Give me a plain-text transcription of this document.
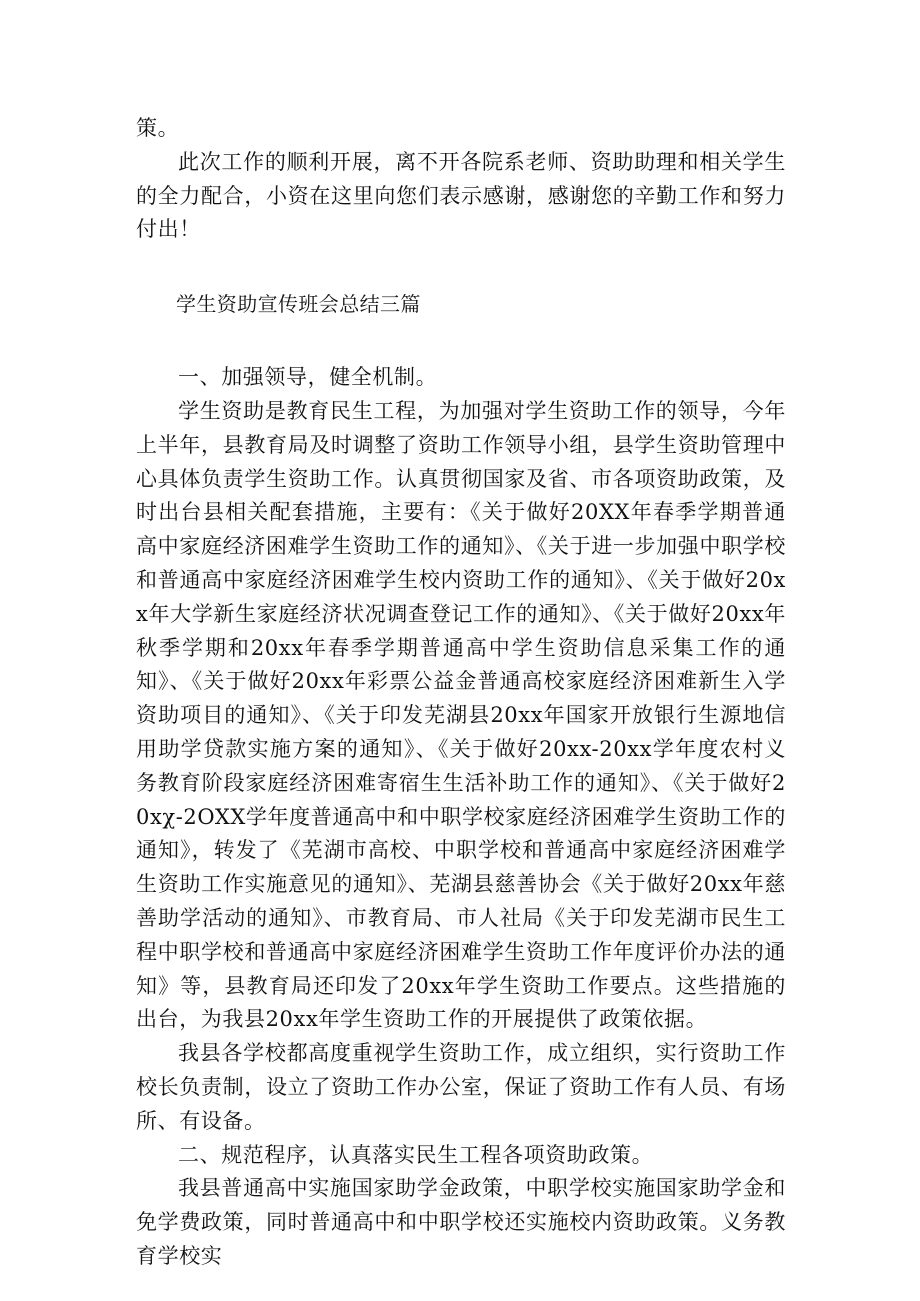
策。

此次工作的顺利开展，离不开各院系老师、资助助理和相关学生的全力配合，小资在这里向您们表示感谢，感谢您的辛勤工作和努力付出！

学生资助宣传班会总结三篇

一、加强领导，健全机制。

学生资助是教育民生工程，为加强对学生资助工作的领导，今年上半年，县教育局及时调整了资助工作领导小组，县学生资助管理中心具体负责学生资助工作。认真贯彻国家及省、市各项资助政策，及时出台县相关配套措施，主要有：《关于做好20XX年春季学期普通高中家庭经济困难学生资助工作的通知》、《关于进一步加强中职学校和普通高中家庭经济困难学生校内资助工作的通知》、《关于做好20xx年大学新生家庭经济状况调查登记工作的通知》、《关于做好20xx年秋季学期和20xx年春季学期普通高中学生资助信息采集工作的通知》、《关于做好20xx年彩票公益金普通高校家庭经济困难新生入学资助项目的通知》、《关于印发芜湖县20xx年国家开放银行生源地信用助学贷款实施方案的通知》、《关于做好20xx-20xx学年度农村义务教育阶段家庭经济困难寄宿生生活补助工作的通知》、《关于做好20xχ-2OXX学年度普通高中和中职学校家庭经济困难学生资助工作的通知》，转发了《芜湖市高校、中职学校和普通高中家庭经济困难学生资助工作实施意见的通知》、芜湖县慈善协会《关于做好20xx年慈善助学活动的通知》、市教育局、市人社局《关于印发芜湖市民生工程中职学校和普通高中家庭经济困难学生资助工作年度评价办法的通知》等，县教育局还印发了20xx年学生资助工作要点。这些措施的出台，为我县20xx年学生资助工作的开展提供了政策依据。

我县各学校都高度重视学生资助工作，成立组织，实行资助工作校长负责制，设立了资助工作办公室，保证了资助工作有人员、有场所、有设备。

二、规范程序，认真落实民生工程各项资助政策。

我县普通高中实施国家助学金政策，中职学校实施国家助学金和免学费政策，同时普通高中和中职学校还实施校内资助政策。义务教育学校实
